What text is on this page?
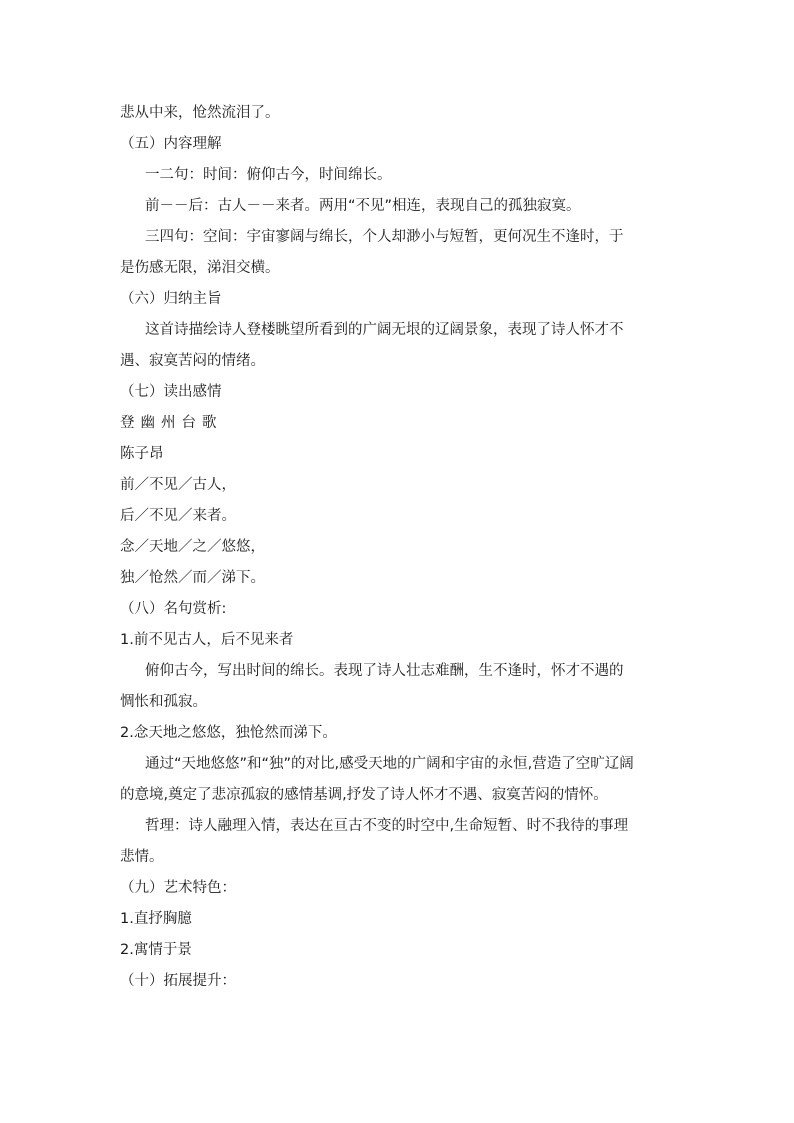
悲从中来，怆然流泪了。
（五）内容理解
一二句：时间：俯仰古今，时间绵长。
前－－后：古人－－来者。两用“不见”相连，表现自己的孤独寂寞。
三四句：空间：宇宙寥阔与绵长，个人却渺小与短暂，更何况生不逢时，于
是伤感无限，涕泪交横。
（六）归纳主旨
这首诗描绘诗人登楼眺望所看到的广阔无垠的辽阔景象，表现了诗人怀才不
遇、寂寞苦闷的情绪。
（七）读出感情
登幽州台歌
陈子昂
前／不见／古人，
后／不见／来者。
念／天地／之／悠悠，
独／怆然／而／涕下。
（八）名句赏析:
1.前不见古人，后不见来者
俯仰古今，写出时间的绵长。表现了诗人壮志难酬，生不逢时，怀才不遇的
惆怅和孤寂。
2.念天地之悠悠，独怆然而涕下。
通过“天地悠悠”和“独”的对比,感受天地的广阔和宇宙的永恒,营造了空旷辽阔
的意境,奠定了悲凉孤寂的感情基调,抒发了诗人怀才不遇、寂寞苦闷的情怀。
哲理：诗人融理入情，表达在亘古不变的时空中,生命短暂、时不我待的事理
悲情。
（九）艺术特色：
1.直抒胸臆
2.寓情于景
（十）拓展提升：
